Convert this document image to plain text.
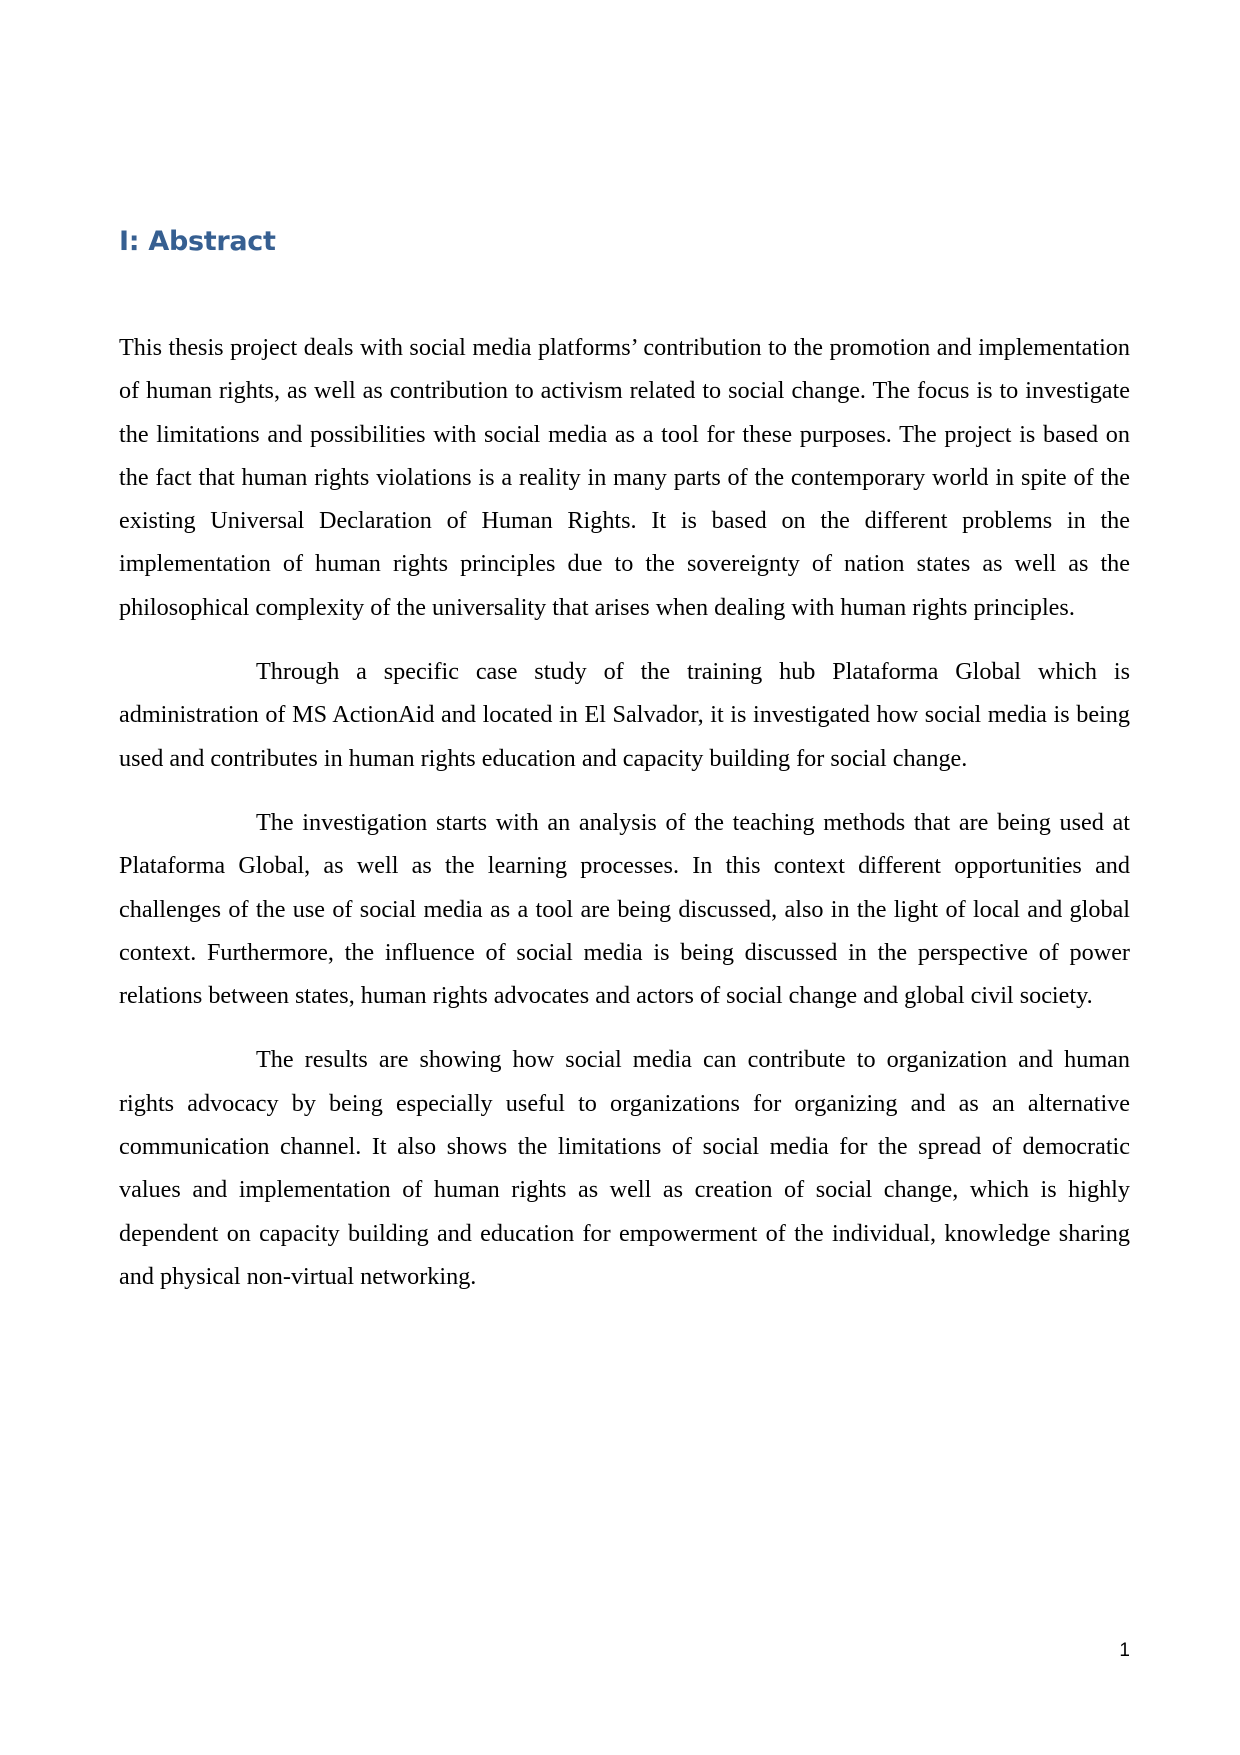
I: Abstract

This thesis project deals with social media platforms’ contribution to the promotion and implementation of human rights, as well as contribution to activism related to social change. The focus is to investigate the limitations and possibilities with social media as a tool for these purposes. The project is based on the fact that human rights violations is a reality in many parts of the contemporary world in spite of the existing Universal Declaration of Human Rights. It is based on the different problems in the implementation of human rights principles due to the sovereignty of nation states as well as the philosophical complexity of the universality that arises when dealing with human rights principles.

Through a specific case study of the training hub Plataforma Global which is administration of MS ActionAid and located in El Salvador, it is investigated how social media is being used and contributes in human rights education and capacity building for social change.

The investigation starts with an analysis of the teaching methods that are being used at Plataforma Global, as well as the learning processes. In this context different opportunities and challenges of the use of social media as a tool are being discussed, also in the light of local and global context. Furthermore, the influence of social media is being discussed in the perspective of power relations between states, human rights advocates and actors of social change and global civil society.

The results are showing how social media can contribute to organization and human rights advocacy by being especially useful to organizations for organizing and as an alternative communication channel. It also shows the limitations of social media for the spread of democratic values and implementation of human rights as well as creation of social change, which is highly dependent on capacity building and education for empowerment of the individual, knowledge sharing and physical non-virtual networking.

1
